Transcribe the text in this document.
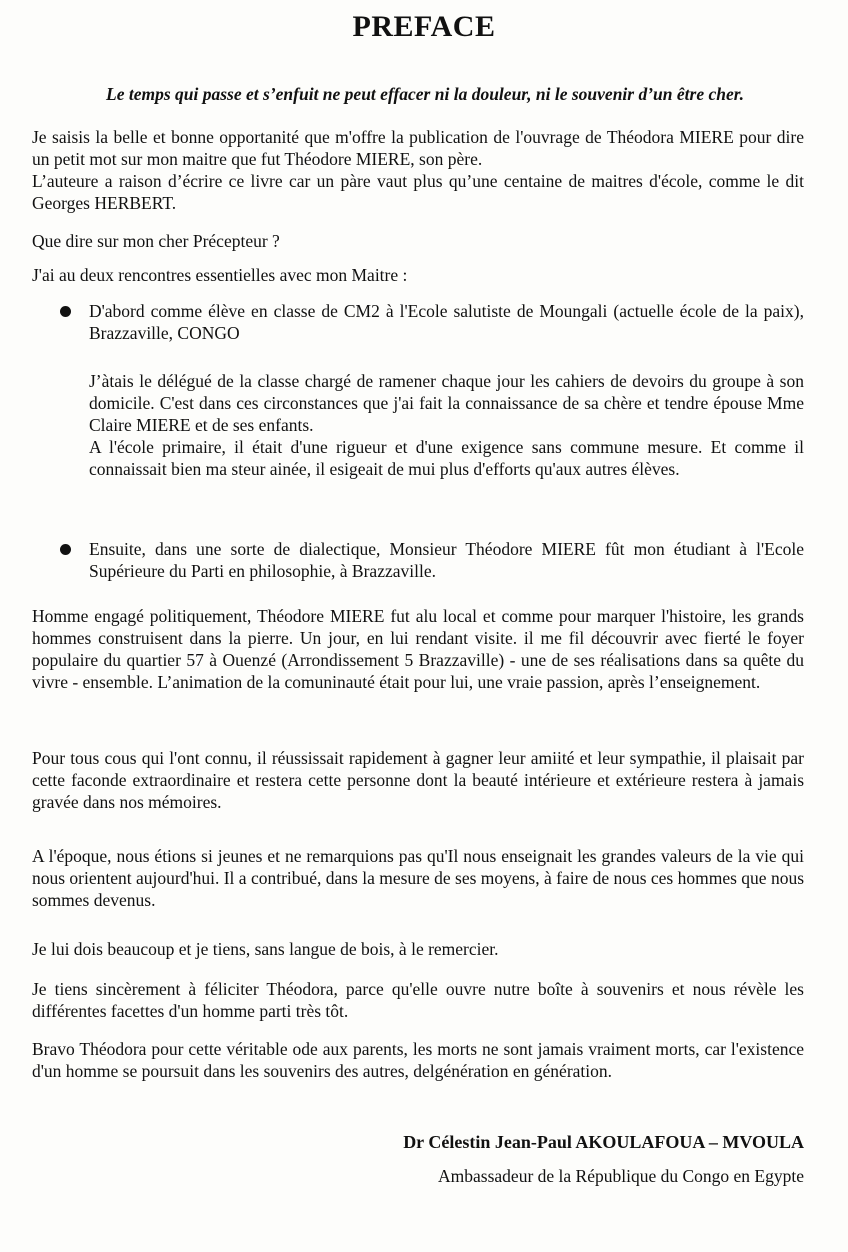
PREFACE
Le temps qui passe et s’enfuit ne peut effacer ni la douleur, ni le souvenir d’un être cher.

Je saisis la belle et bonne opportanité que m'offre la publication de l'ouvrage de Théodora MIERE pour dire un petit mot sur mon maitre que fut Théodore MIERE, son père.
L’auteure a raison d’écrire ce livre car un pàre vaut plus qu’une centaine de maitres d'école, comme le dit Georges HERBERT.

Que dire sur mon cher Précepteur ?

J'ai au deux rencontres essentielles avec mon Maitre :

D'abord comme élève en classe de CM2 à l'Ecole salutiste de Moungali (actuelle école de la paix), Brazzaville, CONGO

J’àtais le délégué de la classe chargé de ramener chaque jour les cahiers de devoirs du groupe à son domicile. C'est dans ces circonstances que j'ai fait la connaissance de sa chère et tendre épouse Mme Claire MIERE et de ses enfants.
A l'école primaire, il était d'une rigueur et d'une exigence sans commune mesure. Et comme il connaissait bien ma steur ainée, il esigeait de mui plus d'efforts qu'aux autres élèves.

Ensuite, dans une sorte de dialectique, Monsieur Théodore MIERE fût mon étudiant à l'Ecole Supérieure du Parti en philosophie, à Brazzaville.

Homme engagé politiquement, Théodore MIERE fut alu local et comme pour marquer l'histoire, les grands hommes construisent dans la pierre. Un jour, en lui rendant visite. il me fil découvrir avec fierté le foyer populaire du quartier 57 à Ouenzé (Arrondissement 5 Brazzaville) - une de ses réalisations dans sa quête du vivre - ensemble. L’animation de la comuninauté était pour lui, une vraie passion, après l’enseignement.

Pour tous cous qui l'ont connu, il réussissait rapidement à gagner leur amiité et leur sympathie, il plaisait par cette faconde extraordinaire et restera cette personne dont la beauté intérieure et extérieure restera à jamais gravée dans nos mémoires.

A l'époque, nous étions si jeunes et ne remarquions pas qu'Il nous enseignait les grandes valeurs de la vie qui nous orientent aujourd'hui. Il a contribué, dans la mesure de ses moyens, à faire de nous ces hommes que nous sommes devenus.

Je lui dois beaucoup et je tiens, sans langue de bois, à le remercier.

Je tiens sincèrement à féliciter Théodora, parce qu'elle ouvre nutre boîte à souvenirs et nous révèle les différentes facettes d'un homme parti très tôt.

Bravo Théodora pour cette véritable ode aux parents, les morts ne sont jamais vraiment morts, car l'existence d'un homme se poursuit dans les souvenirs des autres, delgénération en génération.

Dr Célestin Jean-Paul AKOULAFOUA – MVOULA
Ambassadeur de la République du Congo en Egypte
